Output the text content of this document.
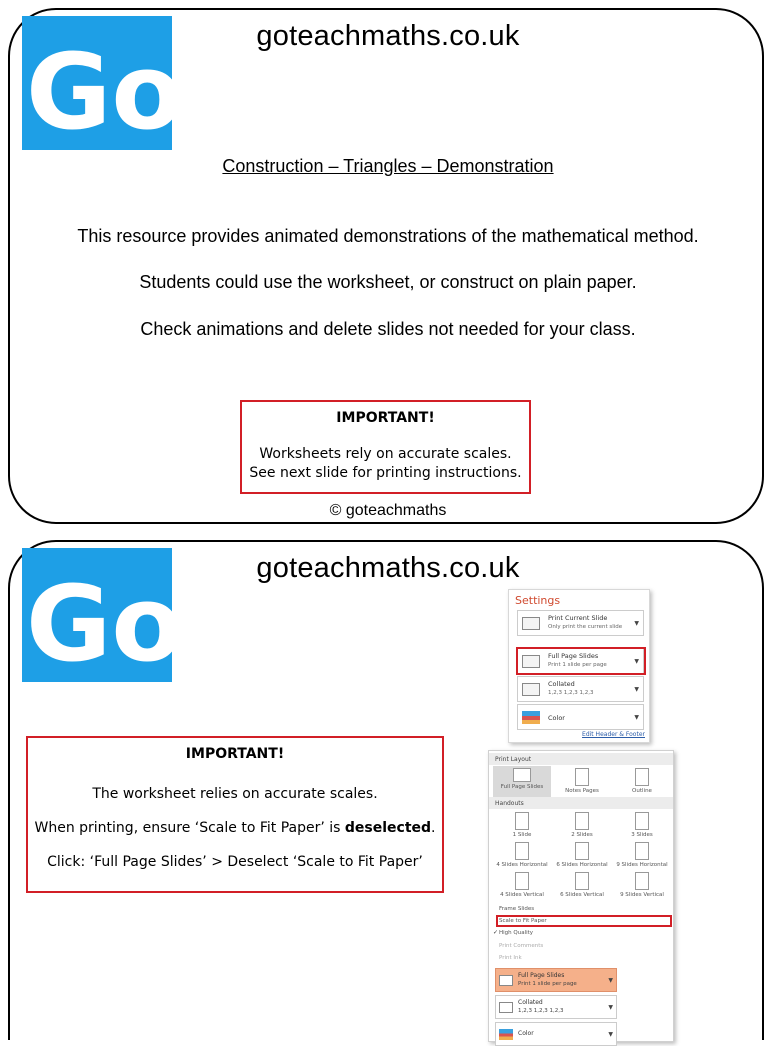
Go! goteachmaths.co.uk
Construction – Triangles – Demonstration
This resource provides animated demonstrations of the mathematical method.
Students could use the worksheet, or construct on plain paper.
Check animations and delete slides not needed for your class.
IMPORTANT!
Worksheets rely on accurate scales.
See next slide for printing instructions.
© goteachmaths
Go! goteachmaths.co.uk
IMPORTANT!
The worksheet relies on accurate scales.
When printing, ensure ‘Scale to Fit Paper’ is deselected.
Click: ‘Full Page Slides’ > Deselect ‘Scale to Fit Paper’
Settings
Print Current Slide
Only print the current slide ▼
Full Page Slides
Print 1 slide per page	▼
Collated
1,2,3 1,2,3 1,2,3	▼
Color	▼
Edit Header & Footer
Print Layout
Full Page Slides
Notes Pages	Outline
Handouts
1 Slide	2 Slides	3 Slides
4 Slides Horizontal	6 Slides Horizontal	9 Slides Horizontal
4 Slides Vertical	6 Slides Vertical	9 Slides Vertical
Frame Slides
Scale to Fit Paper
✓ High Quality
Print Comments
Print Ink
Full Page Slides
Print 1 slide per page	▼
Collated
1,2,3 1,2,3 1,2,3	▼
Color	▼
